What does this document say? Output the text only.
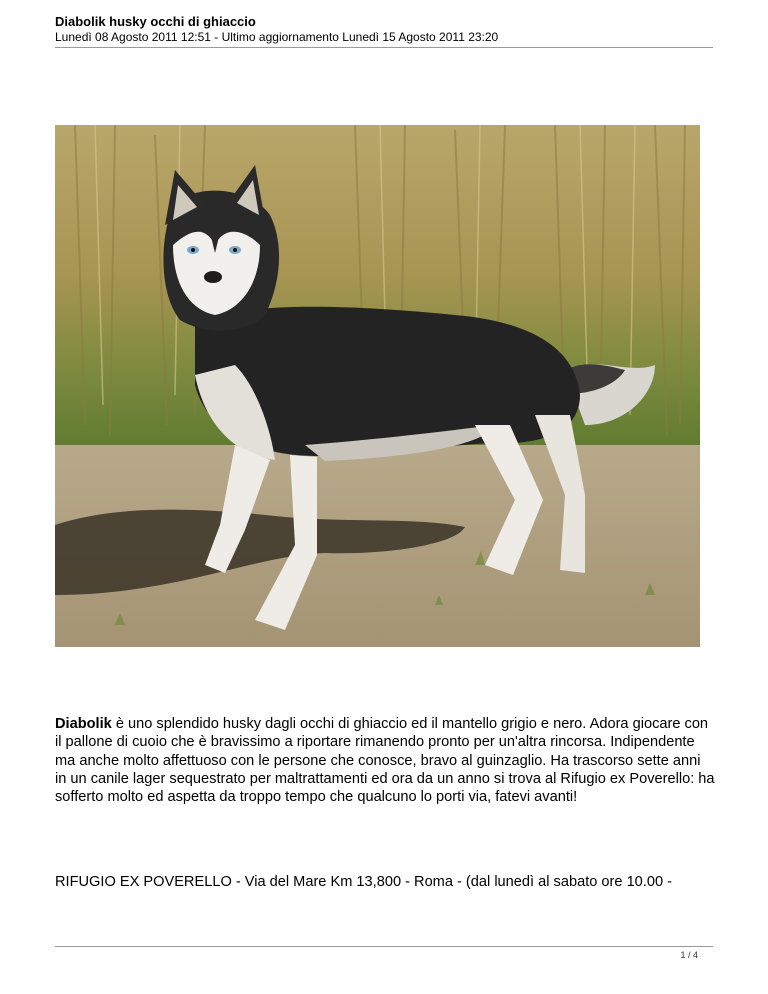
Diabolik husky occhi di ghiaccio
Lunedì 08 Agosto 2011 12:51 - Ultimo aggiornamento Lunedì 15 Agosto 2011 23:20
Diabolik è uno splendido husky dagli occhi di ghiaccio ed il mantello grigio e nero. Adora giocare con il pallone di cuoio che è bravissimo a riportare rimanendo pronto per un'altra rincorsa. Indipendente ma anche molto affettuoso con le persone che conosce, bravo al guinzaglio. Ha trascorso sette anni in un canile lager sequestrato per maltrattamenti ed ora da un anno si trova al Rifugio ex Poverello: ha sofferto molto ed aspetta da troppo tempo che qualcuno lo porti via, fatevi avanti!
RIFUGIO EX POVERELLO - Via del Mare Km 13,800 - Roma - (dal lunedì al sabato ore 10.00 -
1 / 4
